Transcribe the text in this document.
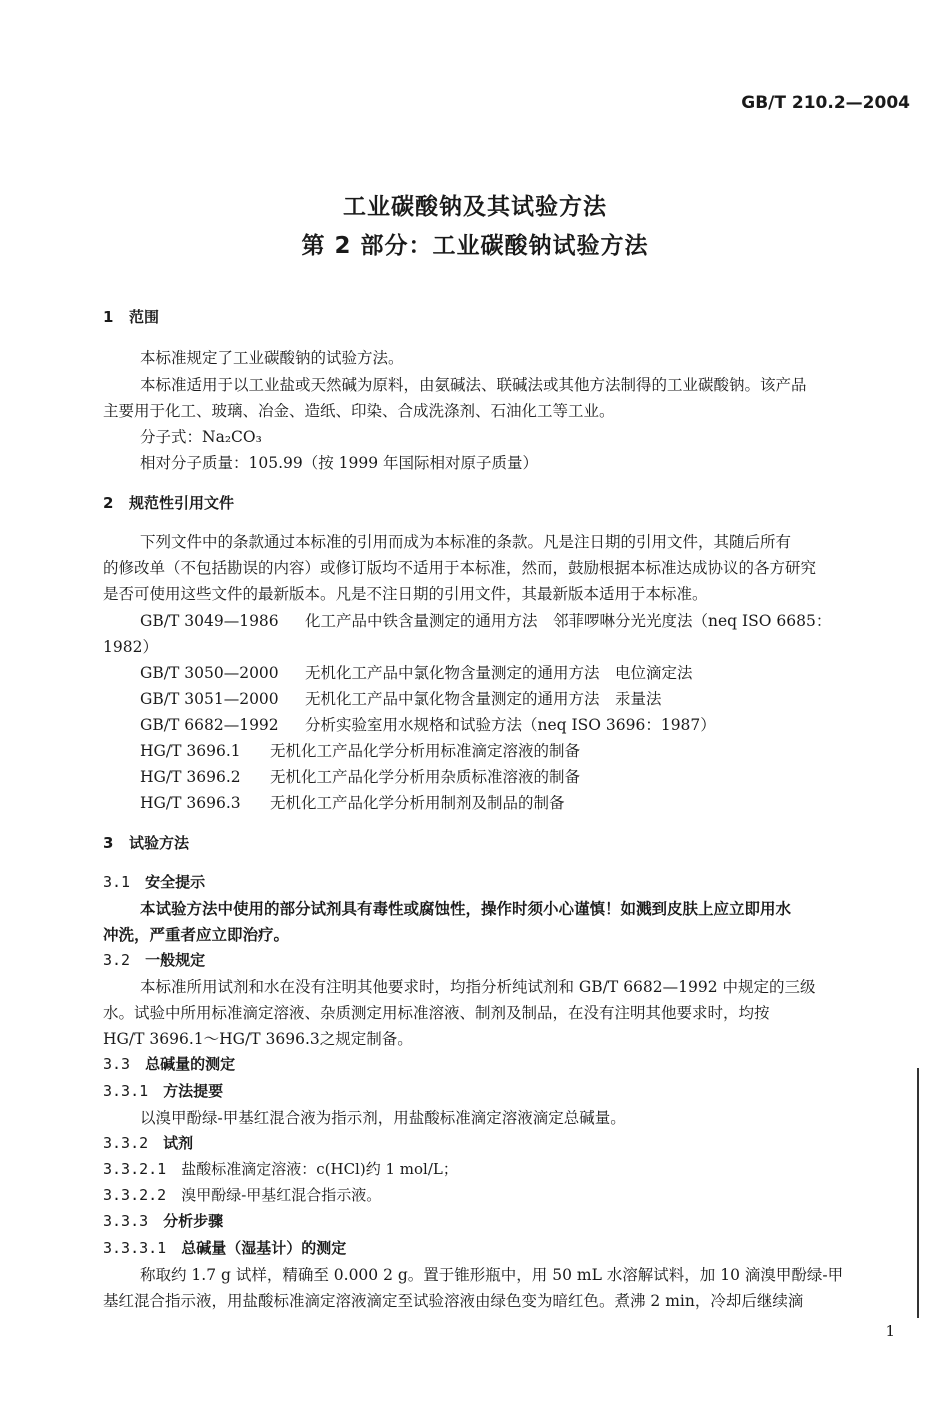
GB/T 210.2—2004
工业碳酸钠及其试验方法
第 2 部分：工业碳酸钠试验方法
1 范围
本标准规定了工业碳酸钠的试验方法。
本标准适用于以工业盐或天然碱为原料，由氨碱法、联碱法或其他方法制得的工业碳酸钠。该产品
主要用于化工、玻璃、冶金、造纸、印染、合成洗涤剂、石油化工等工业。
分子式：Na₂CO₃
相对分子质量：105.99（按 1999 年国际相对原子质量）
2 规范性引用文件
下列文件中的条款通过本标准的引用而成为本标准的条款。凡是注日期的引用文件，其随后所有
的修改单（不包括勘误的内容）或修订版均不适用于本标准，然而，鼓励根据本标准达成协议的各方研究
是否可使用这些文件的最新版本。凡是不注日期的引用文件，其最新版本适用于本标准。
GB/T 3049—1986 化工产品中铁含量测定的通用方法　邻菲啰啉分光光度法（neq ISO 6685：
1982）
GB/T 3050—2000 无机化工产品中氯化物含量测定的通用方法　电位滴定法
GB/T 3051—2000 无机化工产品中氯化物含量测定的通用方法　汞量法
GB/T 6682—1992 分析实验室用水规格和试验方法（neq ISO 3696：1987）
HG/T 3696.1 无机化工产品化学分析用标准滴定溶液的制备
HG/T 3696.2 无机化工产品化学分析用杂质标准溶液的制备
HG/T 3696.3 无机化工产品化学分析用制剂及制品的制备
3 试验方法
3.1　 安全提示
本试验方法中使用的部分试剂具有毒性或腐蚀性，操作时须小心谨慎！如溅到皮肤上应立即用水
冲洗，严重者应立即治疗。
3.2　 一般规定
本标准所用试剂和水在没有注明其他要求时，均指分析纯试剂和 GB/T 6682—1992 中规定的三级
水。试验中所用标准滴定溶液、杂质测定用标准溶液、制剂及制品，在没有注明其他要求时，均按
HG/T 3696.1～HG/T 3696.3之规定制备。
3.3　 总碱量的测定
3.3.1　 方法提要
以溴甲酚绿-甲基红混合液为指示剂，用盐酸标准滴定溶液滴定总碱量。
3.3.2　 试剂
3.3.2.1　 盐酸标准滴定溶液：c(HCl)约 1 mol/L；
3.3.2.2　 溴甲酚绿-甲基红混合指示液。
3.3.3　 分析步骤
3.3.3.1　 总碱量（湿基计）的测定
称取约 1.7 g 试样，精确至 0.000 2 g。置于锥形瓶中，用 50 mL 水溶解试料，加 10 滴溴甲酚绿-甲
基红混合指示液，用盐酸标准滴定溶液滴定至试验溶液由绿色变为暗红色。煮沸 2 min，冷却后继续滴
1
